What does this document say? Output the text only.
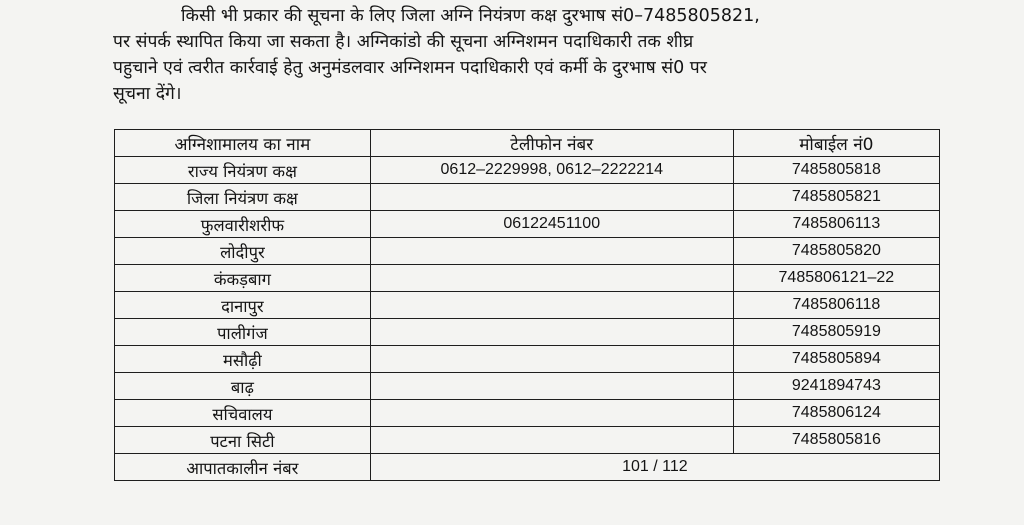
किसी भी प्रकार की सूचना के लिए जिला अग्नि नियंत्रण कक्ष दुरभाष सं0–7485805821,
पर संपर्क स्थापित किया जा सकता है। अग्निकांडो की सूचना अग्निशमन पदाधिकारी तक शीघ्र
पहुचाने एवं त्वरीत कार्रवाई हेतु अनुमंडलवार अग्निशमन पदाधिकारी एवं कर्मी के दुरभाष सं0 पर
सूचना देंगे।
अग्निशामालय का नाम	टेलीफोन नंबर	मोबाईल नं0
राज्य नियंत्रण कक्ष	0612–2229998, 0612–2222214	7485805818
जिला नियंत्रण कक्ष		7485805821
फुलवारीशरीफ	06122451100	7485806113
लोदीपुर		7485805820
कंकड़बाग		7485806121–22
दानापुर		7485806118
पालीगंज		7485805919
मसौढ़ी		7485805894
बाढ़		9241894743
सचिवालय		7485806124
पटना सिटी		7485805816
आपातकालीन नंबर	101 / 112	
